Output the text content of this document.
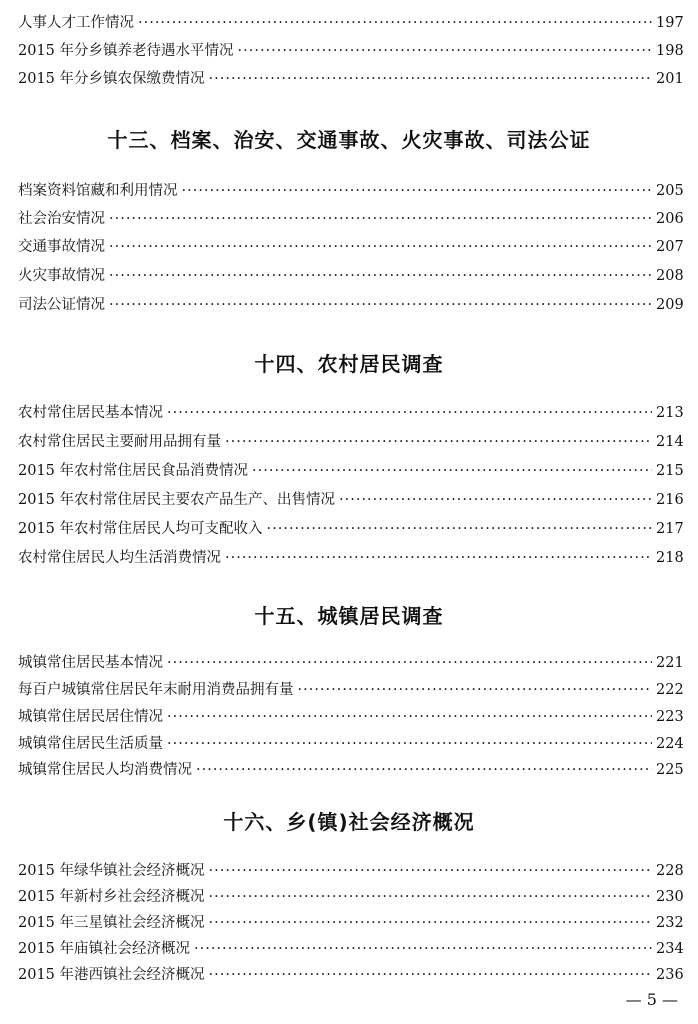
人事人才工作情况 ·····	197
2015 年分乡镇养老待遇水平情况 ·····	198
2015 年分乡镇农保缴费情况 ·····	201
十三、档案、治安、交通事故、火灾事故、司法公证
档案资料馆藏和利用情况 ·····	205
社会治安情况 ·····	206
交通事故情况 ·····	207
火灾事故情况 ·····	208
司法公证情况 ·····	209
十四、农村居民调查
农村常住居民基本情况 ·····	213
农村常住居民主要耐用品拥有量 ·····	214
2015 年农村常住居民食品消费情况 ·····	215
2015 年农村常住居民主要农产品生产、出售情况 ·····	216
2015 年农村常住居民人均可支配收入 ·····	217
农村常住居民人均生活消费情况 ·····	218
十五、城镇居民调查
城镇常住居民基本情况 ·····	221
每百户城镇常住居民年末耐用消费品拥有量 ·····	222
城镇常住居民居住情况 ·····	223
城镇常住居民生活质量 ·····	224
城镇常住居民人均消费情况 ·····	225
十六、乡(镇)社会经济概况
2015 年绿华镇社会经济概况 ·····	228
2015 年新村乡社会经济概况 ·····	230
2015 年三星镇社会经济概况 ·····	232
2015 年庙镇社会经济概况 ·····	234
2015 年港西镇社会经济概况 ·····	236
— 5 —
